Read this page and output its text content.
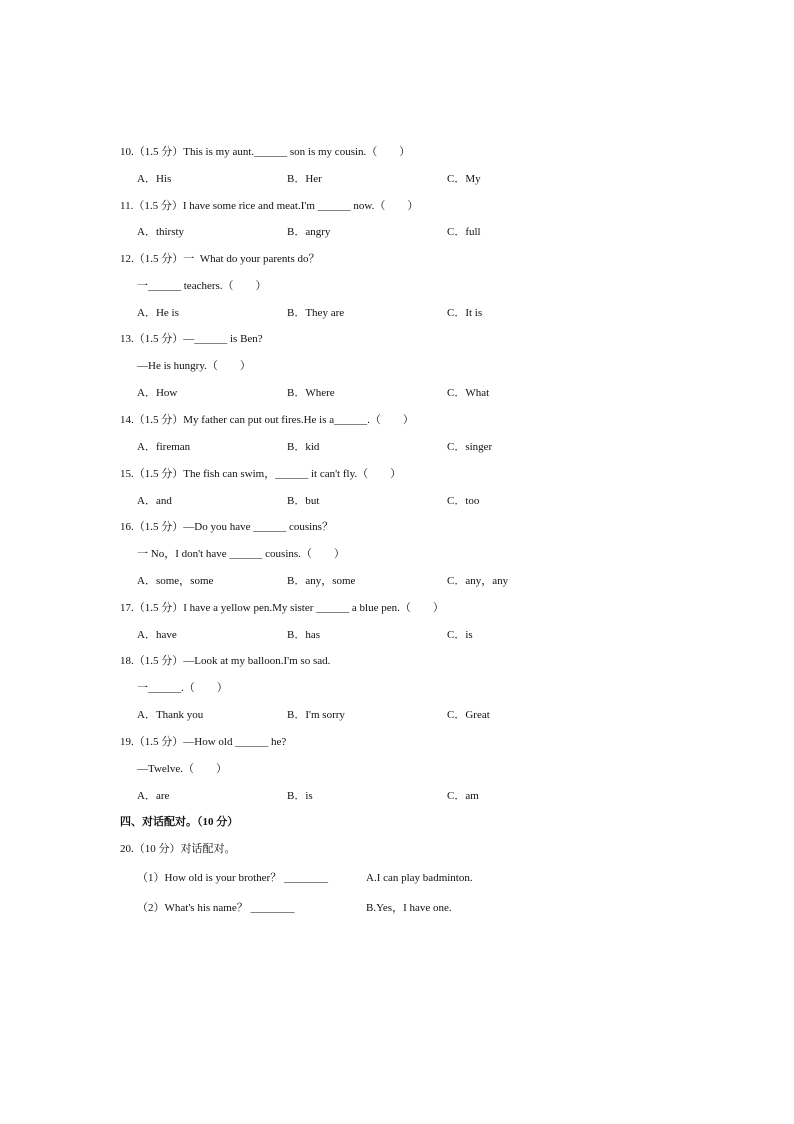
10.（1.5 分）This is my aunt.______ son is my cousin.（　　）
A．His	B．Her	C．My
11.（1.5 分）I have some rice and meat.I'm ______ now.（　　）
A．thirsty	B．angry	C．full
12.（1.5 分）一  What do your parents do？
一______ teachers.（　　）
A．He is	B．They are	C．It is
13.（1.5 分）—______ is Ben?
—He is hungry.（　　）
A．How	B．Where	C．What
14.（1.5 分）My father can put out fires.He is a______.（　　）
A．fireman	B．kid	C．singer
15.（1.5 分）The fish can swim，______ it can't fly.（　　）
A．and	B．but	C．too
16.（1.5 分）—Do you have ______ cousins？
一 No，I don't have ______ cousins.（　　）
A．some，some	B．any，some	C．any，any
17.（1.5 分）I have a yellow pen.My sister ______ a blue pen.（　　）
A．have	B．has	C．is
18.（1.5 分）—Look at my balloon.I'm so sad.
一______.（　　）
A．Thank you	B．I'm sorry	C．Great
19.（1.5 分）—How old ______ he?
—Twelve.（　　）
A．are	B．is	C．am
四、对话配对。（10 分）
20.（10 分）对话配对。
（1）How old is your brother？ ________	A.I can play badminton.
（2）What's his name？ ________	B.Yes，I have one.
